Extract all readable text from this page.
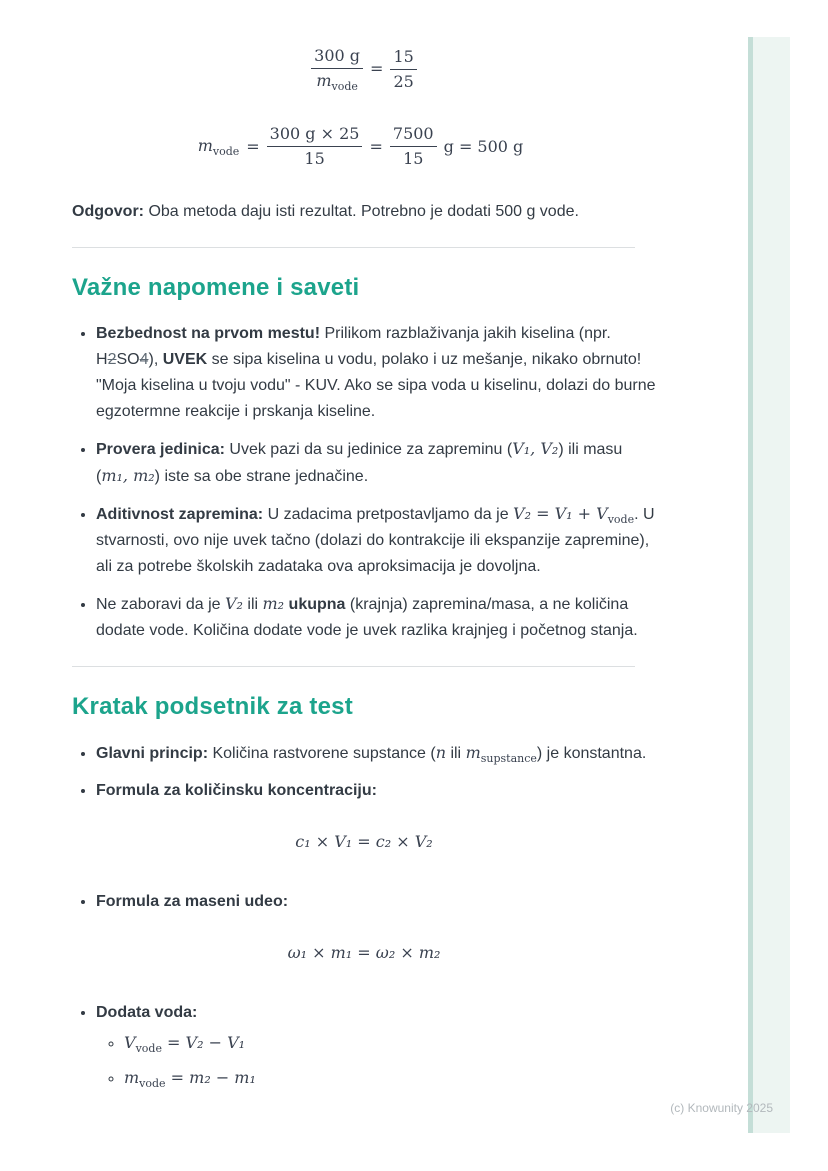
$\frac{300 g}{m_{vode}} = \frac{15}{25}$
$m_{vode} = \frac{300 g \times 25}{15} = \frac{7500}{15}$ g = 500 g

Odgovor: Oba metoda daju isti rezultat. Potrebno je dodati 500 g vode.

Važne napomene i saveti
• Bezbednost na prvom mestu! Prilikom razblaživanja jakih kiselina (npr. H2SO4), UVEK se sipa kiselina u vodu, polako i uz mešanje, nikako obrnuto! "Moja kiselina u tvoju vodu" - KUV. Ako se sipa voda u kiselinu, dolazi do burne egzotermne reakcije i prskanja kiseline.
• Provera jedinica: Uvek pazi da su jedinice za zapreminu (V₁, V₂) ili masu (m₁, m₂) iste sa obe strane jednačine.
• Aditivnost zapremina: U zadacima pretpostavljamo da je $V_2 = V_1 + V_{vode}$. U stvarnosti, ovo nije uvek tačno (dolazi do kontrakcije ili ekspanzije zapremine), ali za potrebe školskih zadataka ova aproksimacija je dovoljna.
• Ne zaboravi da je V₂ ili m₂ ukupna (krajnja) zapremina/masa, a ne količina dodate vode. Količina dodate vode je uvek razlika krajnjeg i početnog stanja.
Kratak podsetnik za test
• Glavni princip: Količina rastvorene supstance (n ili $m_{supstance}$) je konstantna.
• Formula za količinsku koncentraciju:
c₁ × V₁ = c₂ × V₂
• Formula za maseni udeo:
ω₁ × m₁ = ω₂ × m₂
• Dodata voda:
◦ $V_{vode} = V_2 - V_1$
◦ $m_{vode} = m_2 - m_1$
(c) Knowunity 2025
